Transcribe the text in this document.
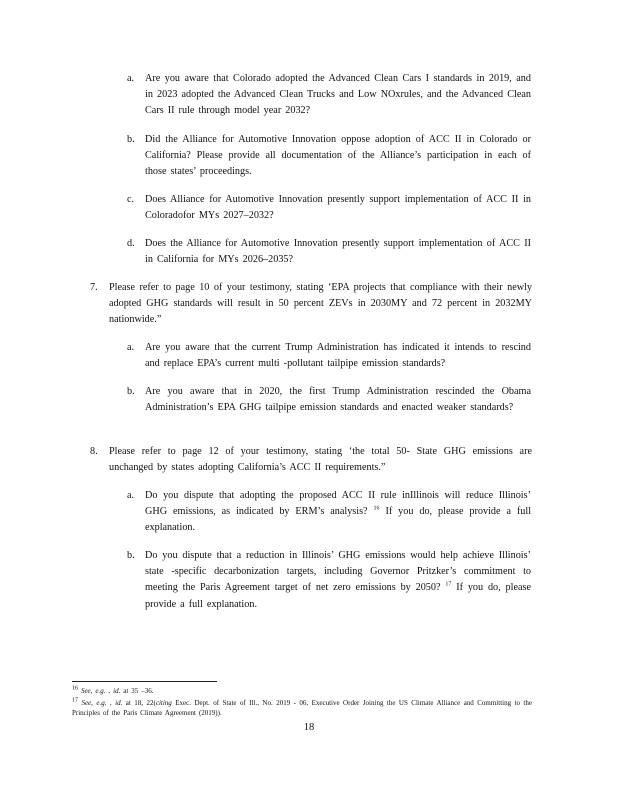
a. Are you aware that Colorado adopted the Advanced Clean Cars I standards in 2019, and in 2023 adopted the Advanced Clean Trucks and Low NOxrules, and the Advanced Clean Cars II rule through model year 2032?
b. Did the Alliance for Automotive Innovation oppose adoption of ACC II in Colorado or California? Please provide all documentation of the Alliance’s participation in each of those states’ proceedings.
c. Does Alliance for Automotive Innovation presently support implementation of ACC II in Coloradofor MYs 2027–2032?
d. Does the Alliance for Automotive Innovation presently support implementation of ACC II in California for MYs 2026–2035?
7. Please refer to page 10 of your testimony, stating ‘EPA projects that compliance with their newly adopted GHG standards will result in 50 percent ZEVs in 2030MY and 72 percent in 2032MY nationwide.”
a. Are you aware that the current Trump Administration has indicated it intends to rescind and replace EPA’s current multi -pollutant tailpipe emission standards?
b. Are you aware that in 2020, the first Trump Administration rescinded the Obama Administration’s EPA GHG tailpipe emission standards and enacted weaker standards?
8. Please refer to page 12 of your testimony, stating ‘the total 50- State GHG emissions are unchanged by states adopting California’s ACC II requirements.”
a. Do you dispute that adopting the proposed ACC II rule inIllinois will reduce Illinois’ GHG emissions, as indicated by ERM’s analysis? $^{16}$ If you do, please provide a full explanation.
b. Do you dispute that a reduction in Illinois’ GHG emissions would help achieve Illinois’ state -specific decarbonization targets, including Governor Pritzker’s commitment to meeting the Paris Agreement target of net zero emissions by 2050? $^{17}$ If you do, please provide a full explanation.
$^{16}$ See, e.g. , id. at 35 –36.
$^{17}$ See, e.g. , id. at 18, 22(citing Exec. Dept. of State of Ill., No. 2019 - 06, Executive Order Joining the US Climate Alliance and Committing to the Principles of the Paris Climate Agreement (2019)).
18
